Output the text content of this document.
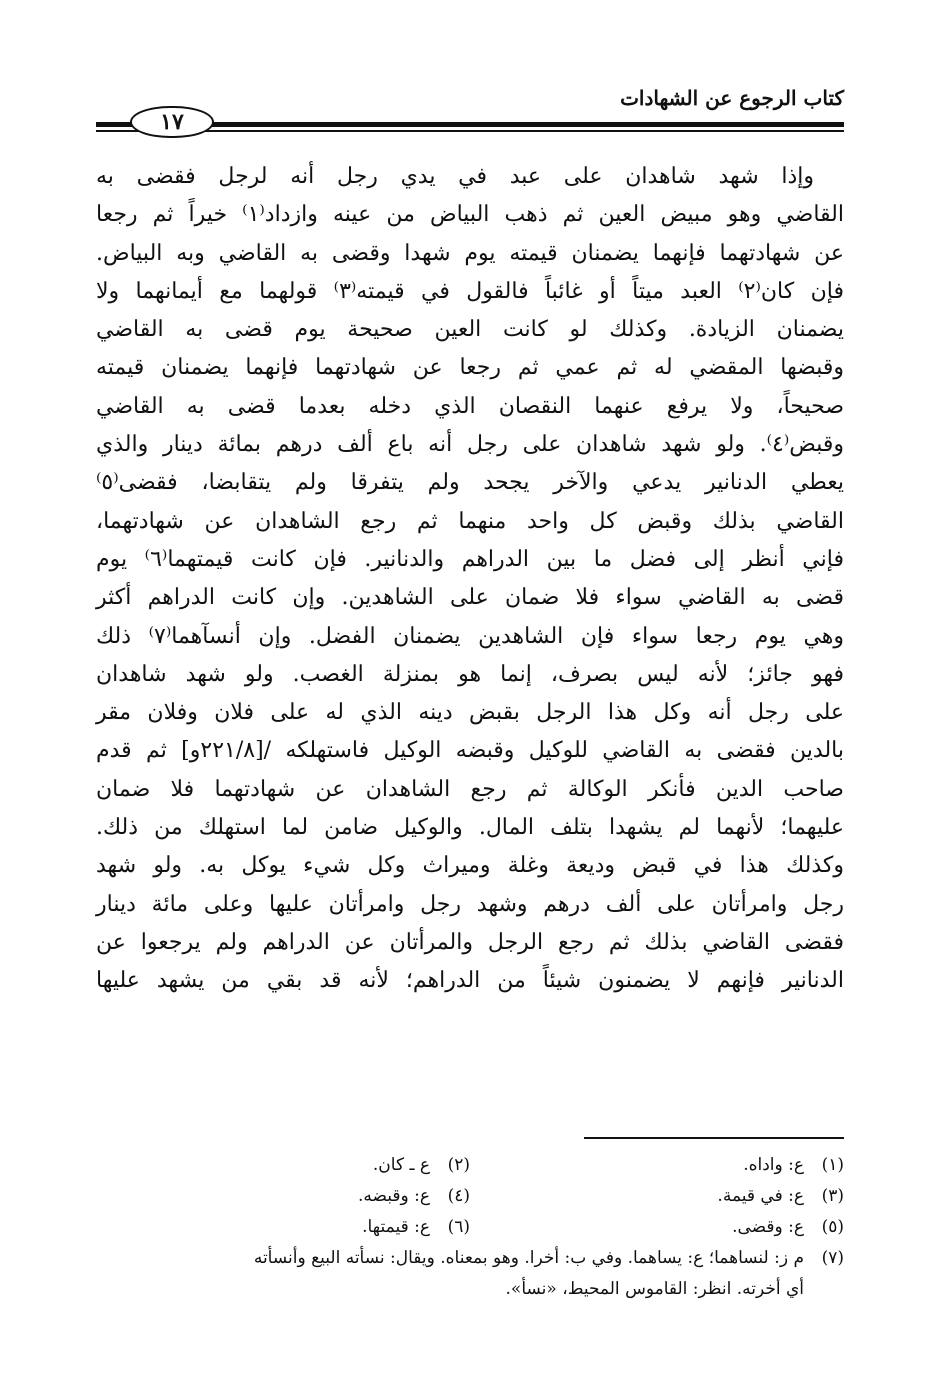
كتاب الرجوع عن الشهادات
١٧

وإذا شهد شاهدان على عبد في يدي رجل أنه لرجل فقضى به

القاضي وهو مبيض العين ثم ذهب البياض من عينه وازداد⁽١⁾ خيراً ثم رجعا

عن شهادتهما فإنهما يضمنان قيمته يوم شهدا وقضى به القاضي وبه البياض.

فإن كان⁽٢⁾ العبد ميتاً أو غائباً فالقول في قيمته⁽٣⁾ قولهما مع أيمانهما ولا

يضمنان الزيادة. وكذلك لو كانت العين صحيحة يوم قضى به القاضي

وقبضها المقضي له ثم عمي ثم رجعا عن شهادتهما فإنهما يضمنان قيمته

صحيحاً، ولا يرفع عنهما النقصان الذي دخله بعدما قضى به القاضي

وقبض⁽٤⁾. ولو شهد شاهدان على رجل أنه باع ألف درهم بمائة دينار والذي

يعطي الدنانير يدعي والآخر يجحد ولم يتفرقا ولم يتقابضا، فقضى⁽٥⁾

القاضي بذلك وقبض كل واحد منهما ثم رجع الشاهدان عن شهادتهما،

فإني أنظر إلى فضل ما بين الدراهم والدنانير. فإن كانت قيمتهما⁽٦⁾ يوم

قضى به القاضي سواء فلا ضمان على الشاهدين. وإن كانت الدراهم أكثر

وهي يوم رجعا سواء فإن الشاهدين يضمنان الفضل. وإن أنسآهما⁽٧⁾ ذلك

فهو جائز؛ لأنه ليس بصرف، إنما هو بمنزلة الغصب. ولو شهد شاهدان

على رجل أنه وكل هذا الرجل بقبض دينه الذي له على فلان وفلان مقر

بالدين فقضى به القاضي للوكيل وقبضه الوكيل فاستهلكه /[٢٢١/٨و] ثم قدم

صاحب الدين فأنكر الوكالة ثم رجع الشاهدان عن شهادتهما فلا ضمان

عليهما؛ لأنهما لم يشهدا بتلف المال. والوكيل ضامن لما استهلك من ذلك.

وكذلك هذا في قبض وديعة وغلة وميراث وكل شيء يوكل به. ولو شهد

رجل وامرأتان على ألف درهم وشهد رجل وامرأتان عليها وعلى مائة دينار

فقضى القاضي بذلك ثم رجع الرجل والمرأتان عن الدراهم ولم يرجعوا عن

الدنانير فإنهم لا يضمنون شيئاً من الدراهم؛ لأنه قد بقي من يشهد عليها

(١)ع: واداه.
(٢)ع ـ كان.
(٣)ع: في قيمة.
(٤)ع: وقبضه.
(٥)ع: وقضى.
(٦)ع: قيمتها.
(٧)م ز: لنساهما؛ ع: يساهما. وفي ب: أخرا. وهو بمعناه. ويقال: نسأته البيع وأنسأته
أي أخرته. انظر: القاموس المحيط، «نسأ».
